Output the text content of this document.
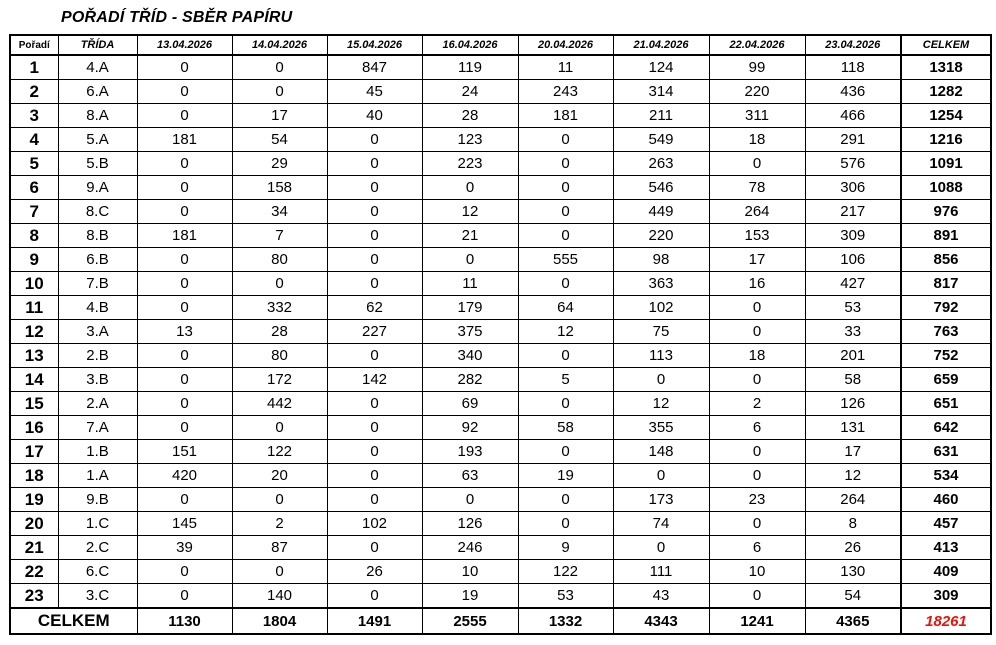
POŘADÍ TŘÍD - SBĚR PAPÍRU
Pořadí	TŘÍDA	13.04.2026	14.04.2026	15.04.2026	16.04.2026	20.04.2026	21.04.2026	22.04.2026	23.04.2026	CELKEM
1	4.A	0	0	847	119	11	124	99	118	1318
2	6.A	0	0	45	24	243	314	220	436	1282
3	8.A	0	17	40	28	181	211	311	466	1254
4	5.A	181	54	0	123	0	549	18	291	1216
5	5.B	0	29	0	223	0	263	0	576	1091
6	9.A	0	158	0	0	0	546	78	306	1088
7	8.C	0	34	0	12	0	449	264	217	976
8	8.B	181	7	0	21	0	220	153	309	891
9	6.B	0	80	0	0	555	98	17	106	856
10	7.B	0	0	0	11	0	363	16	427	817
11	4.B	0	332	62	179	64	102	0	53	792
12	3.A	13	28	227	375	12	75	0	33	763
13	2.B	0	80	0	340	0	113	18	201	752
14	3.B	0	172	142	282	5	0	0	58	659
15	2.A	0	442	0	69	0	12	2	126	651
16	7.A	0	0	0	92	58	355	6	131	642
17	1.B	151	122	0	193	0	148	0	17	631
18	1.A	420	20	0	63	19	0	0	12	534
19	9.B	0	0	0	0	0	173	23	264	460
20	1.C	145	2	102	126	0	74	0	8	457
21	2.C	39	87	0	246	9	0	6	26	413
22	6.C	0	0	26	10	122	111	10	130	409
23	3.C	0	140	0	19	53	43	0	54	309
CELKEM		1130	1804	1491	2555	1332	4343	1241	4365	18261
